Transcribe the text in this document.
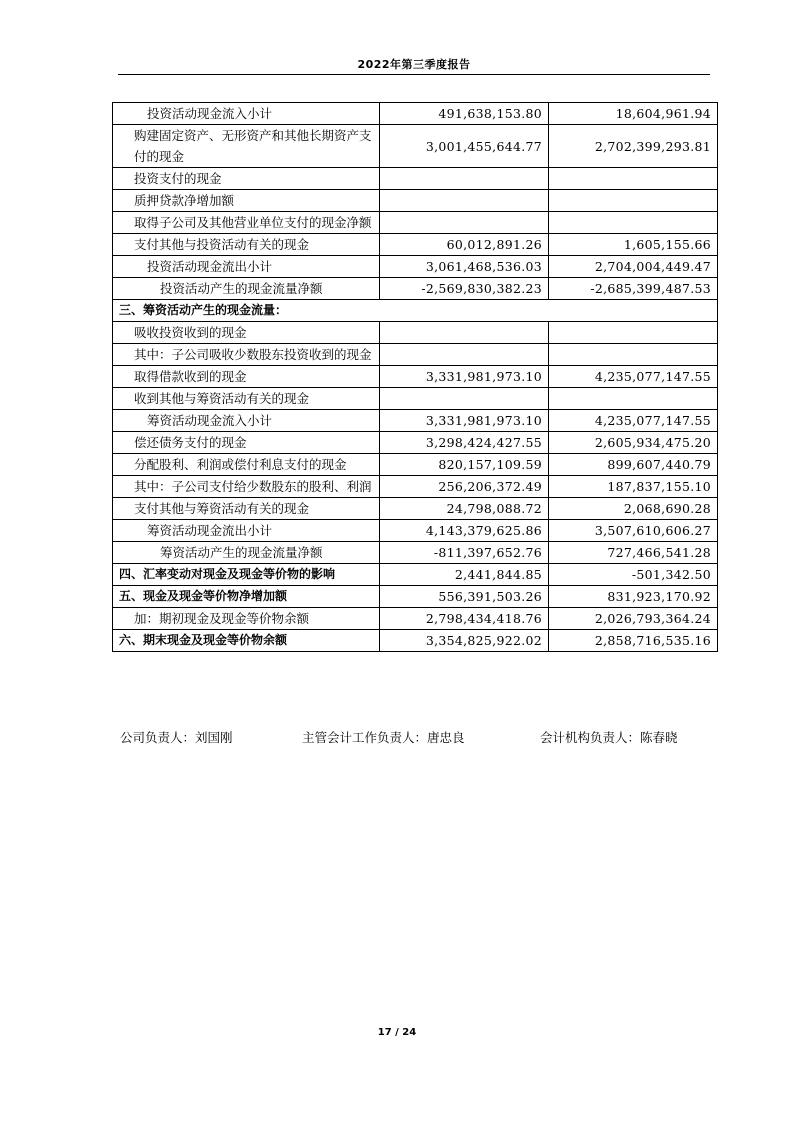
2022年第三季度报告
投资活动现金流入小计	491,638,153.80	18,604,961.94
购建固定资产、无形资产和其他长期资产支付的现金	3,001,455,644.77	2,702,399,293.81
投资支付的现金		
质押贷款净增加额		
取得子公司及其他营业单位支付的现金净额		
支付其他与投资活动有关的现金	60,012,891.26	1,605,155.66
投资活动现金流出小计	3,061,468,536.03	2,704,004,449.47
投资活动产生的现金流量净额	-2,569,830,382.23	-2,685,399,487.53
三、筹资活动产生的现金流量：		
吸收投资收到的现金		
其中：子公司吸收少数股东投资收到的现金		
取得借款收到的现金	3,331,981,973.10	4,235,077,147.55
收到其他与筹资活动有关的现金		
筹资活动现金流入小计	3,331,981,973.10	4,235,077,147.55
偿还债务支付的现金	3,298,424,427.55	2,605,934,475.20
分配股利、利润或偿付利息支付的现金	820,157,109.59	899,607,440.79
其中：子公司支付给少数股东的股利、利润	256,206,372.49	187,837,155.10
支付其他与筹资活动有关的现金	24,798,088.72	2,068,690.28
筹资活动现金流出小计	4,143,379,625.86	3,507,610,606.27
筹资活动产生的现金流量净额	-811,397,652.76	727,466,541.28
四、汇率变动对现金及现金等价物的影响	2,441,844.85	-501,342.50
五、现金及现金等价物净增加额	556,391,503.26	831,923,170.92
加：期初现金及现金等价物余额	2,798,434,418.76	2,026,793,364.24
六、期末现金及现金等价物余额	3,354,825,922.02	2,858,716,535.16
公司负责人：刘国刚	主管会计工作负责人：唐忠良	会计机构负责人：陈春晓
17 / 24
